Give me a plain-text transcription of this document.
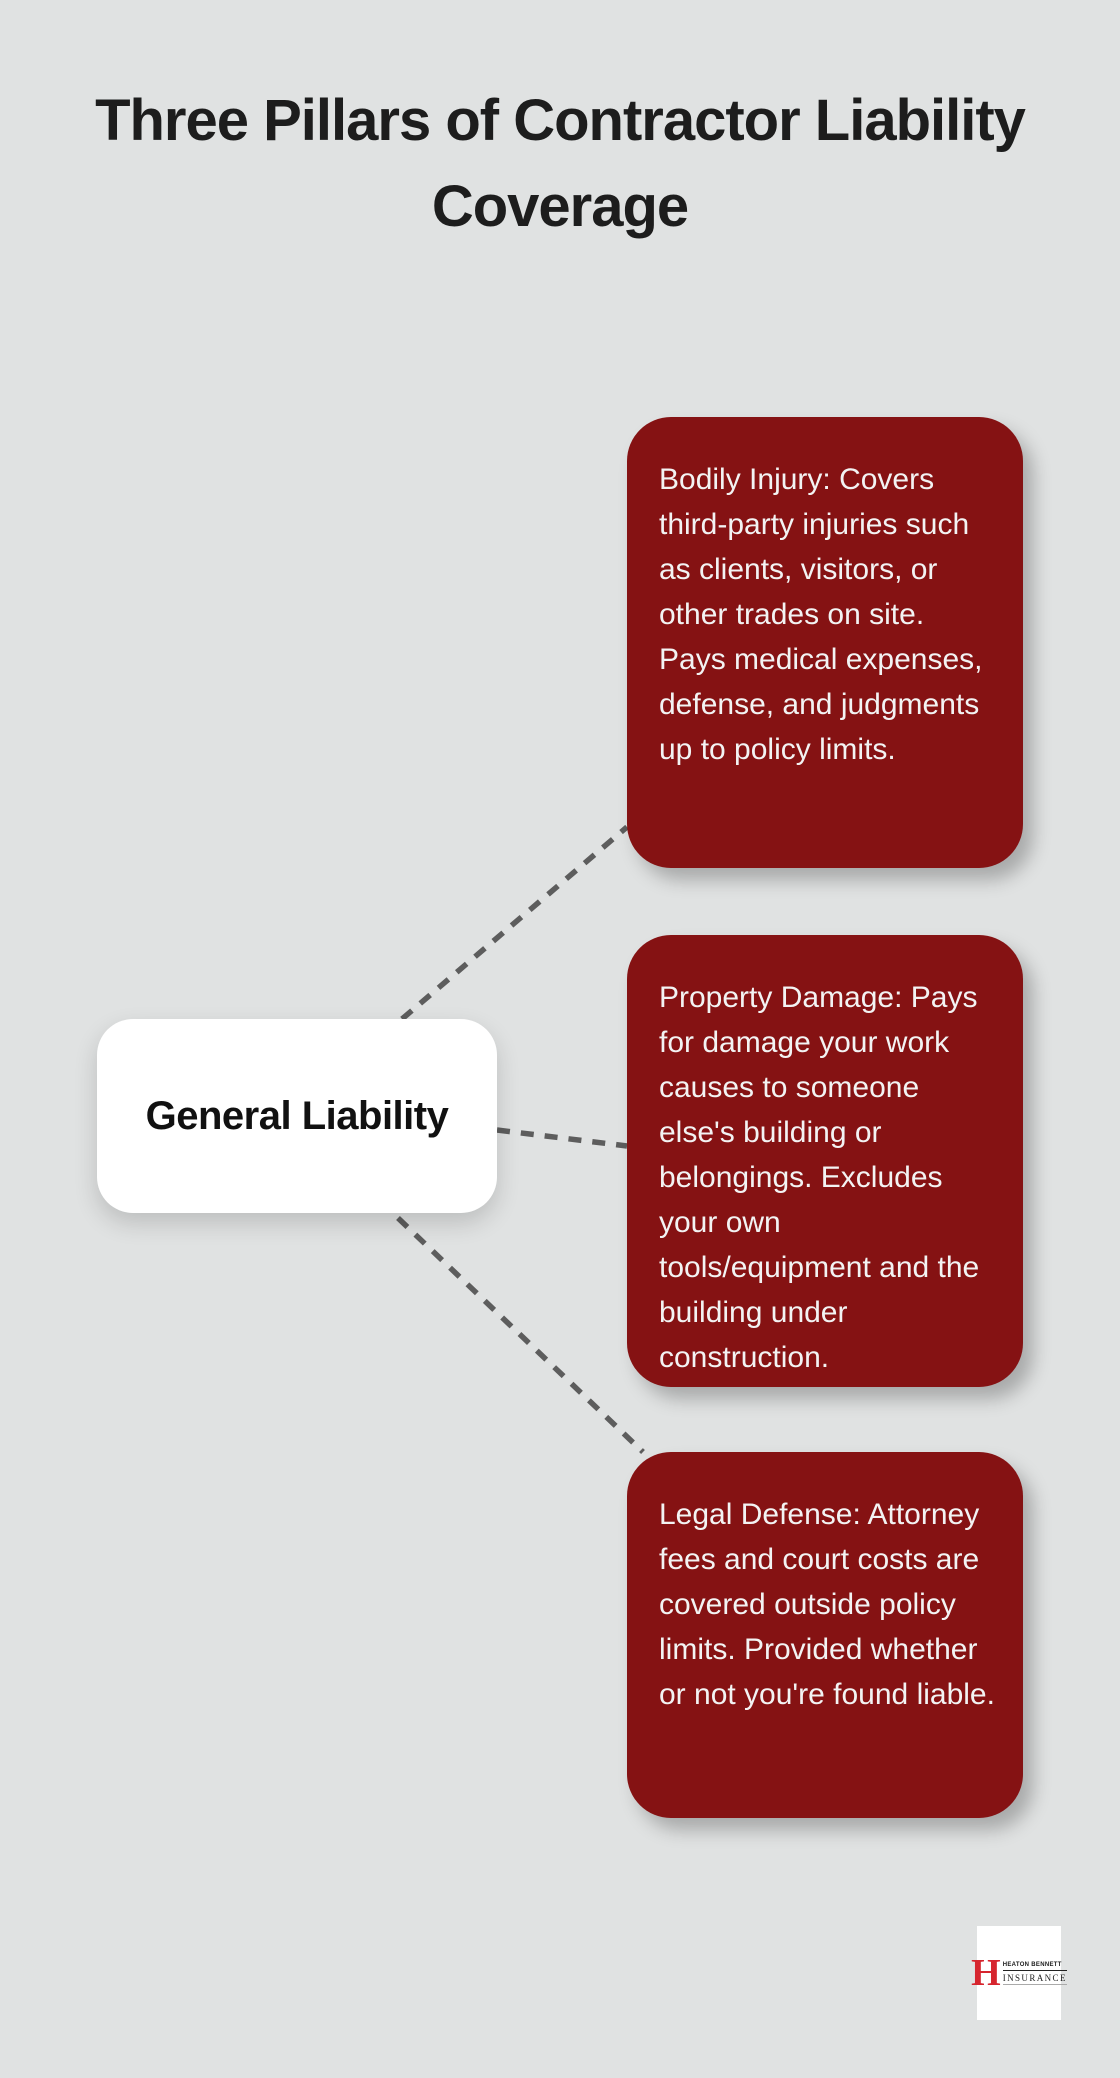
Three Pillars of Contractor Liability Coverage
General Liability

Bodily Injury: Covers third-party injuries such as clients, visitors, or other trades on site. Pays medical expenses, defense, and judgments up to policy limits.

Property Damage: Pays for damage your work causes to someone else's building or belongings. Excludes your own tools/equipment and the building under construction.

Legal Defense: Attorney fees and court costs are covered outside policy limits. Provided whether or not you're found liable.

H HEATON BENNETT
INSURANCE
